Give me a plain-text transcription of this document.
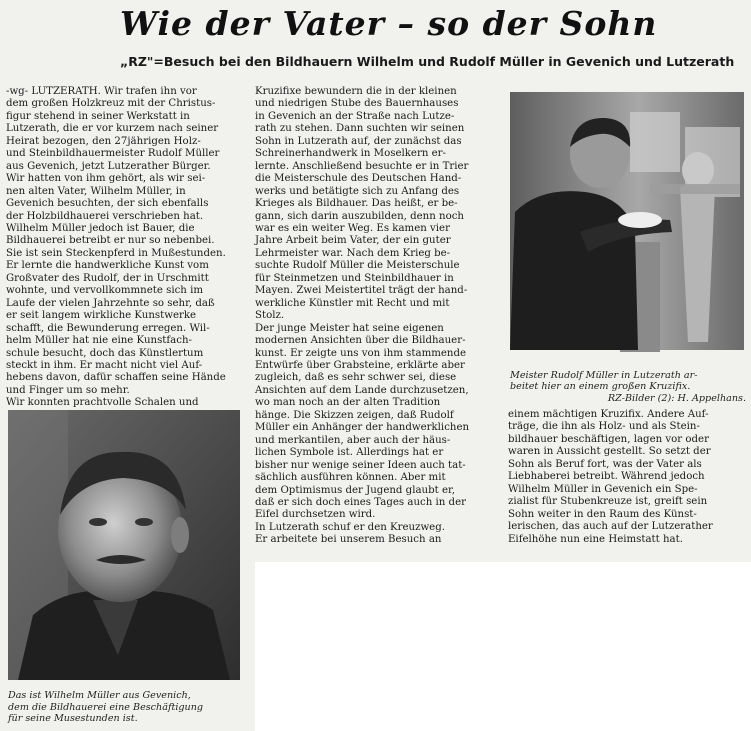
Wie der Vater – so der Sohn
„RZ"=Besuch bei den Bildhauern Wilhelm und Rudolf Müller in Gevenich und Lutzerath
-wg- LUTZERATH. Wir trafen ihn vor
dem großen Holzkreuz mit der Christus-
figur stehend in seiner Werkstatt in
Lutzerath, die er vor kurzem nach seiner
Heirat bezogen, den 27jährigen Holz-
und Steinbildhauermeister Rudolf Müller
aus Gevenich, jetzt Lutzerather Bürger.
Wir hatten von ihm gehört, als wir sei-
nen alten Vater, Wilhelm Müller, in
Gevenich besuchten, der sich ebenfalls
der Holzbildhauerei verschrieben hat.
Wilhelm Müller jedoch ist Bauer, die
Bildhauerei betreibt er nur so nebenbei.
Sie ist sein Steckenpferd in Mußestunden.
Er lernte die handwerkliche Kunst vom
Großvater des Rudolf, der in Urschmitt
wohnte, und vervollkommnete sich im
Laufe der vielen Jahrzehnte so sehr, daß
er seit langem wirkliche Kunstwerke
schafft, die Bewunderung erregen. Wil-
helm Müller hat nie eine Kunstfach-
schule besucht, doch das Künstlertum
steckt in ihm. Er macht nicht viel Auf-
hebens davon, dafür schaffen seine Hände
und Finger um so mehr.
Wir konnten prachtvolle Schalen und
Kruzifixe bewundern die in der kleinen
und niedrigen Stube des Bauernhauses
in Gevenich an der Straße nach Lutze-
rath zu stehen. Dann suchten wir seinen
Sohn in Lutzerath auf, der zunächst das
Schreinerhandwerk in Moselkern er-
lernte. Anschließend besuchte er in Trier
die Meisterschule des Deutschen Hand-
werks und betätigte sich zu Anfang des
Krieges als Bildhauer. Das heißt, er be-
gann, sich darin auszubilden, denn noch
war es ein weiter Weg. Es kamen vier
Jahre Arbeit beim Vater, der ein guter
Lehrmeister war. Nach dem Krieg be-
suchte Rudolf Müller die Meisterschule
für Steinmetzen und Steinbildhauer in
Mayen. Zwei Meistertitel trägt der hand-
werkliche Künstler mit Recht und mit
Stolz.
Der junge Meister hat seine eigenen
modernen Ansichten über die Bildhauer-
kunst. Er zeigte uns von ihm stammende
Entwürfe über Grabsteine, erklärte aber
zugleich, daß es sehr schwer sei, diese
Ansichten auf dem Lande durchzusetzen,
wo man noch an der alten Tradition
hänge. Die Skizzen zeigen, daß Rudolf
Müller ein Anhänger der handwerklichen
und merkantilen, aber auch der häus-
lichen Symbole ist. Allerdings hat er
bisher nur wenige seiner Ideen auch tat-
sächlich ausführen können. Aber mit
dem Optimismus der Jugend glaubt er,
daß er sich doch eines Tages auch in der
Eifel durchsetzen wird.
In Lutzerath schuf er den Kreuzweg.
Er arbeitete bei unserem Besuch an

Meister Rudolf Müller in Lutzerath ar-
beitet hier an einem großen Kruzifix.

RZ-Bilder (2): H. Appelhans.

einem mächtigen Kruzifix. Andere Auf-
träge, die ihn als Holz- und als Stein-
bildhauer beschäftigen, lagen vor oder
waren in Aussicht gestellt. So setzt der
Sohn als Beruf fort, was der Vater als
Liebhaberei betreibt. Während jedoch
Wilhelm Müller in Gevenich ein Spe-
zialist für Stubenkreuze ist, greift sein
Sohn weiter in den Raum des Künst-
lerischen, das auch auf der Lutzerather
Eifelhöhe nun eine Heimstatt hat.
Das ist Wilhelm Müller aus Gevenich,
dem die Bildhauerei eine Beschäftigung
für seine Musestunden ist.
